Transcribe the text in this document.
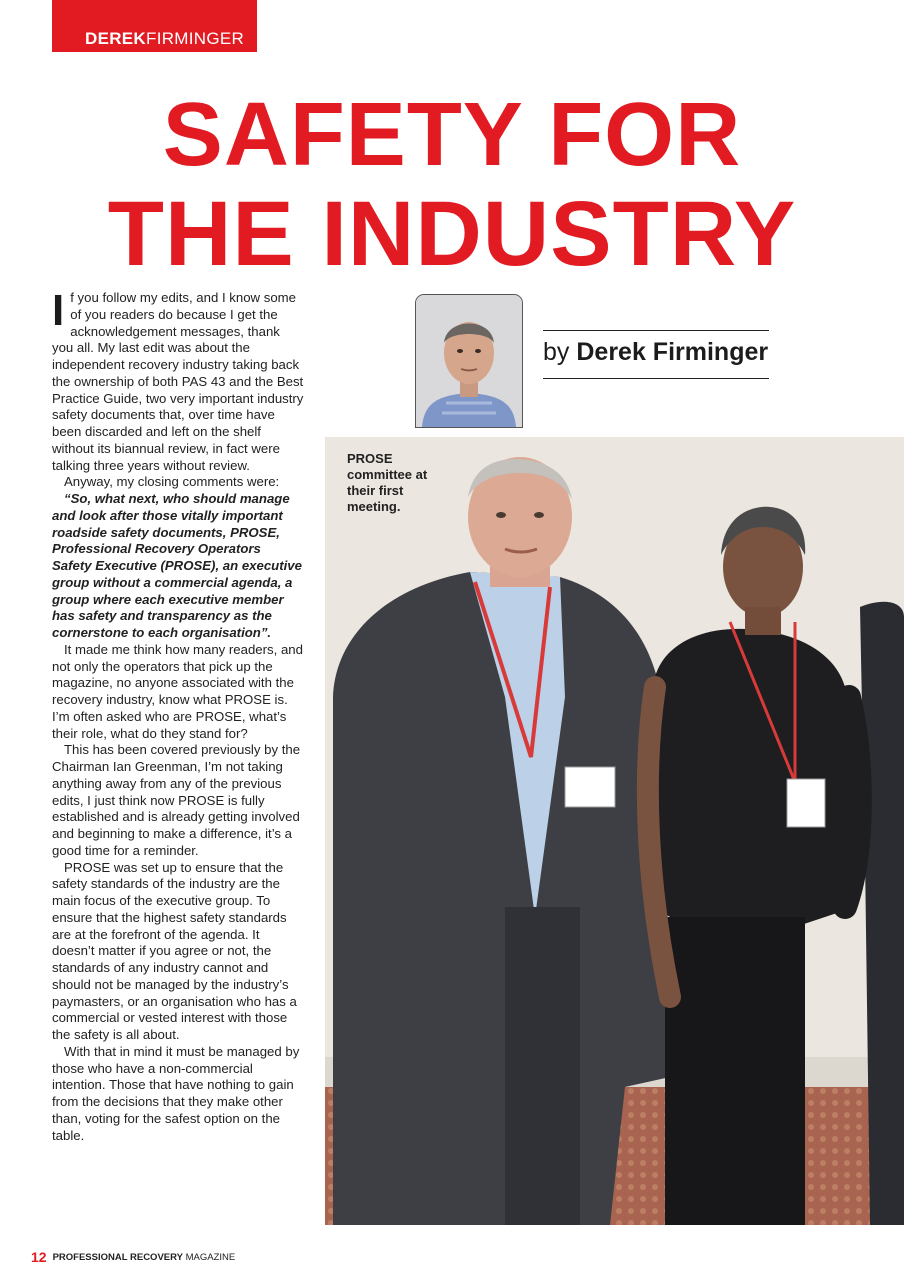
DEREKFIRMINGER
SAFETY FOR
THE INDUSTRY

If you follow my edits, and I know some of you readers do because I get the acknowledgement messages, thank you all. My last edit was about the independent recovery industry taking back the ownership of both PAS 43 and the Best Practice Guide, two very important industry safety documents that, over time have been discarded and left on the shelf without its biannual review, in fact were talking three years without review.

Anyway, my closing comments were:

“So, what next, who should manage and look after those vitally important roadside safety documents, PROSE, Professional Recovery Operators Safety Executive (PROSE), an executive group without a commercial agenda, a group where each executive member has safety and transparency as the cornerstone to each organisation”.

It made me think how many readers, and not only the operators that pick up the magazine, no anyone associated with the recovery industry, know what PROSE is. I’m often asked who are PROSE, what’s their role, what do they stand for?

This has been covered previously by the Chairman Ian Greenman, I’m not taking anything away from any of the previous edits, I just think now PROSE is fully established and is already getting involved and beginning to make a difference, it’s a good time for a reminder.

PROSE was set up to ensure that the safety standards of the industry are the main focus of the executive group. To ensure that the highest safety standards are at the forefront of the agenda. It doesn’t matter if you agree or not, the standards of any industry cannot and should not be managed by the industry’s paymasters, or an organisation who has a commercial or vested interest with those the safety is all about.

With that in mind it must be managed by those who have a non-commercial intention. Those that have nothing to gain from the decisions that they make other than, voting for the safest option on the table.

by Derek Firminger
PROSE committee at their first meeting.
12 PROFESSIONAL RECOVERY MAGAZINE
